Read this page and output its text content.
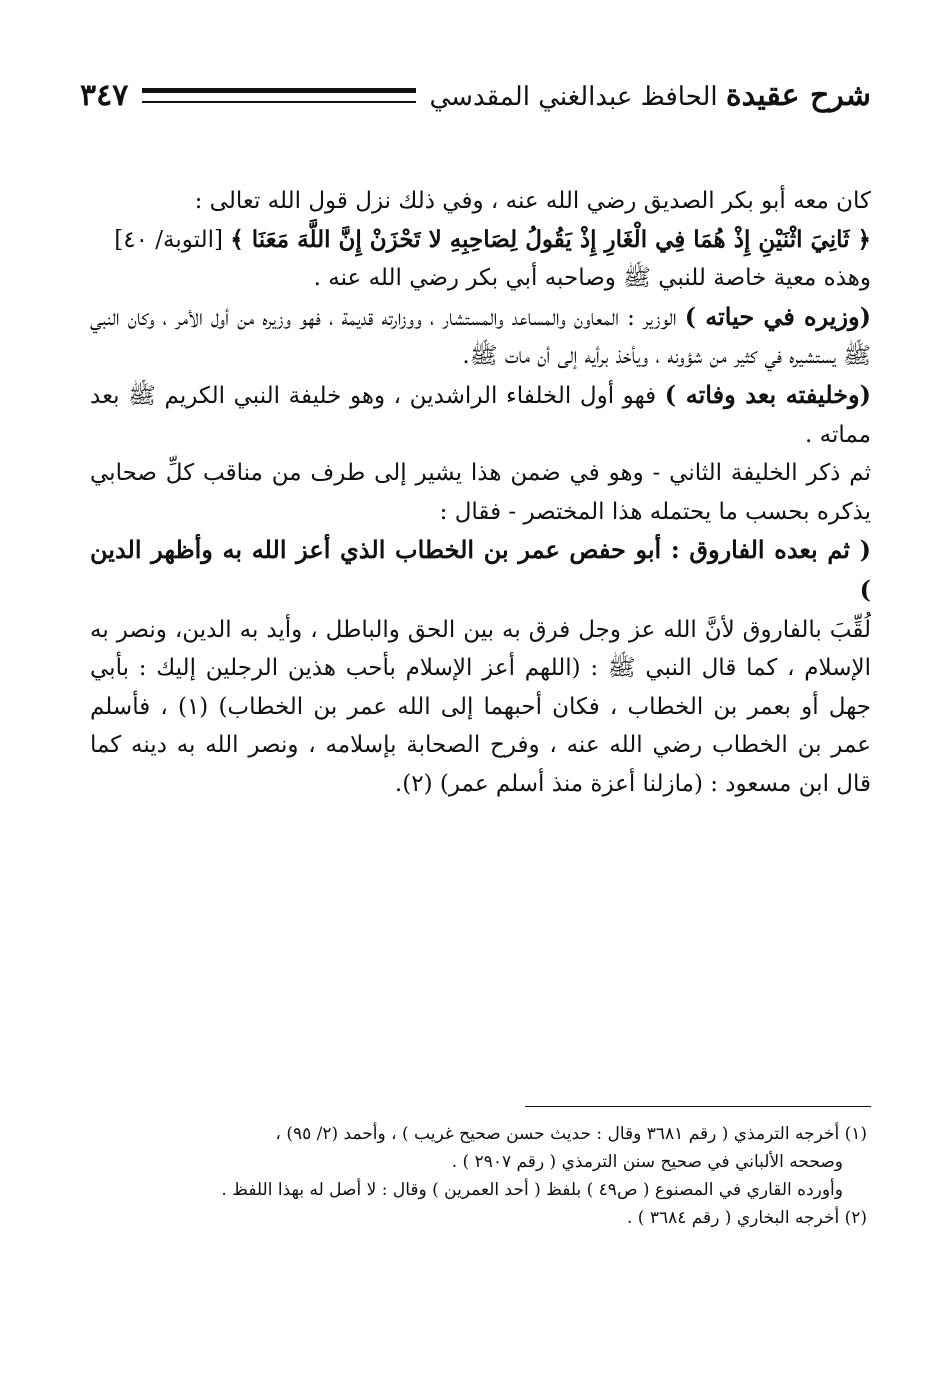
شرح عقيدة الحافظ عبدالغني المقدسي
٣٤٧

كان معه أبو بكر الصديق رضي الله عنه ، وفي ذلك نزل قول الله تعالى :
﴿ ثَانِيَ اثْنَيْنِ إِذْ هُمَا فِي الْغَارِ إِذْ يَقُولُ لِصَاحِبِهِ لا تَحْزَنْ إِنَّ اللَّهَ مَعَنَا ﴾ [التوبة/ ٤٠]
وهذه معية خاصة للنبي ﷺ وصاحبه أبي بكر رضي الله عنه .

(وزيره في حياته ) الوزير : المعاون والمساعد والمستشار ، ووزارته قديمة ، فهو وزيره من أول الأمر ، وكان النبي ﷺ يستشيره في كثير من شؤونه ، ويأخذ برأيه إلى أن مات ﷺ.

(وخليفته بعد وفاته ) فهو أول الخلفاء الراشدين ، وهو خليفة النبي الكريم ﷺ بعد مماته .

ثم ذكر الخليفة الثاني - وهو في ضمن هذا يشير إلى طرف من مناقب كلِّ صحابي يذكره بحسب ما يحتمله هذا المختصر - فقال :

( ثم بعده الفاروق : أبو حفص عمر بن الخطاب الذي أعز الله به وأظهر الدين )

لُقِّبَ بالفاروق لأنَّ الله عز وجل فرق به بين الحق والباطل ، وأيد به الدين، ونصر به الإسلام ، كما قال النبي ﷺ : (اللهم أعز الإسلام بأحب هذين الرجلين إليك : بأبي جهل أو بعمر بن الخطاب ، فكان أحبهما إلى الله عمر بن الخطاب) (١) ، فأسلم عمر بن الخطاب رضي الله عنه ، وفرح الصحابة بإسلامه ، ونصر الله به دينه كما قال ابن مسعود : (مازلنا أعزة منذ أسلم عمر) (٢).

(١) أخرجه الترمذي ( رقم ٣٦٨١ وقال : حديث حسن صحيح غريب ) ، وأحمد (٢/ ٩٥) ،

وصححه الألباني في صحيح سنن الترمذي ( رقم ٢٩٠٧ ) .

وأورده القاري في المصنوع ( ص٤٩ ) بلفظ ( أحد العمرين ) وقال : لا أصل له بهذا اللفظ .

(٢) أخرجه البخاري ( رقم ٣٦٨٤ ) .
